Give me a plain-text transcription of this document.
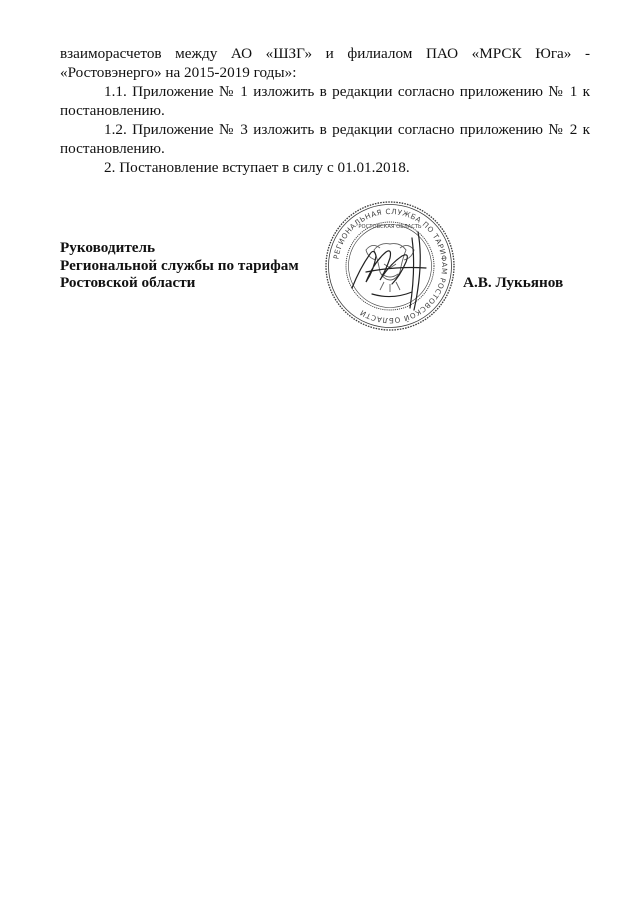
взаиморасчетов между АО «ШЗГ» и филиалом ПАО «МРСК Юга» - «Ростовэнерго» на 2015-2019 годы»:

1.1. Приложение № 1 изложить в редакции согласно приложению № 1 к постановлению.

1.2. Приложение № 3 изложить в редакции согласно приложению № 2 к постановлению.

2. Постановление вступает в силу с 01.01.2018.

РЕГИОНАЛЬНАЯ СЛУЖБА ПО ТАРИФАМ РОСТОВСКОЙ ОБЛАСТИ
РОСТОВСКАЯ ОБЛАСТЬ
Руководитель
Региональной службы по тарифам
Ростовской области	А.В. Лукьянов
